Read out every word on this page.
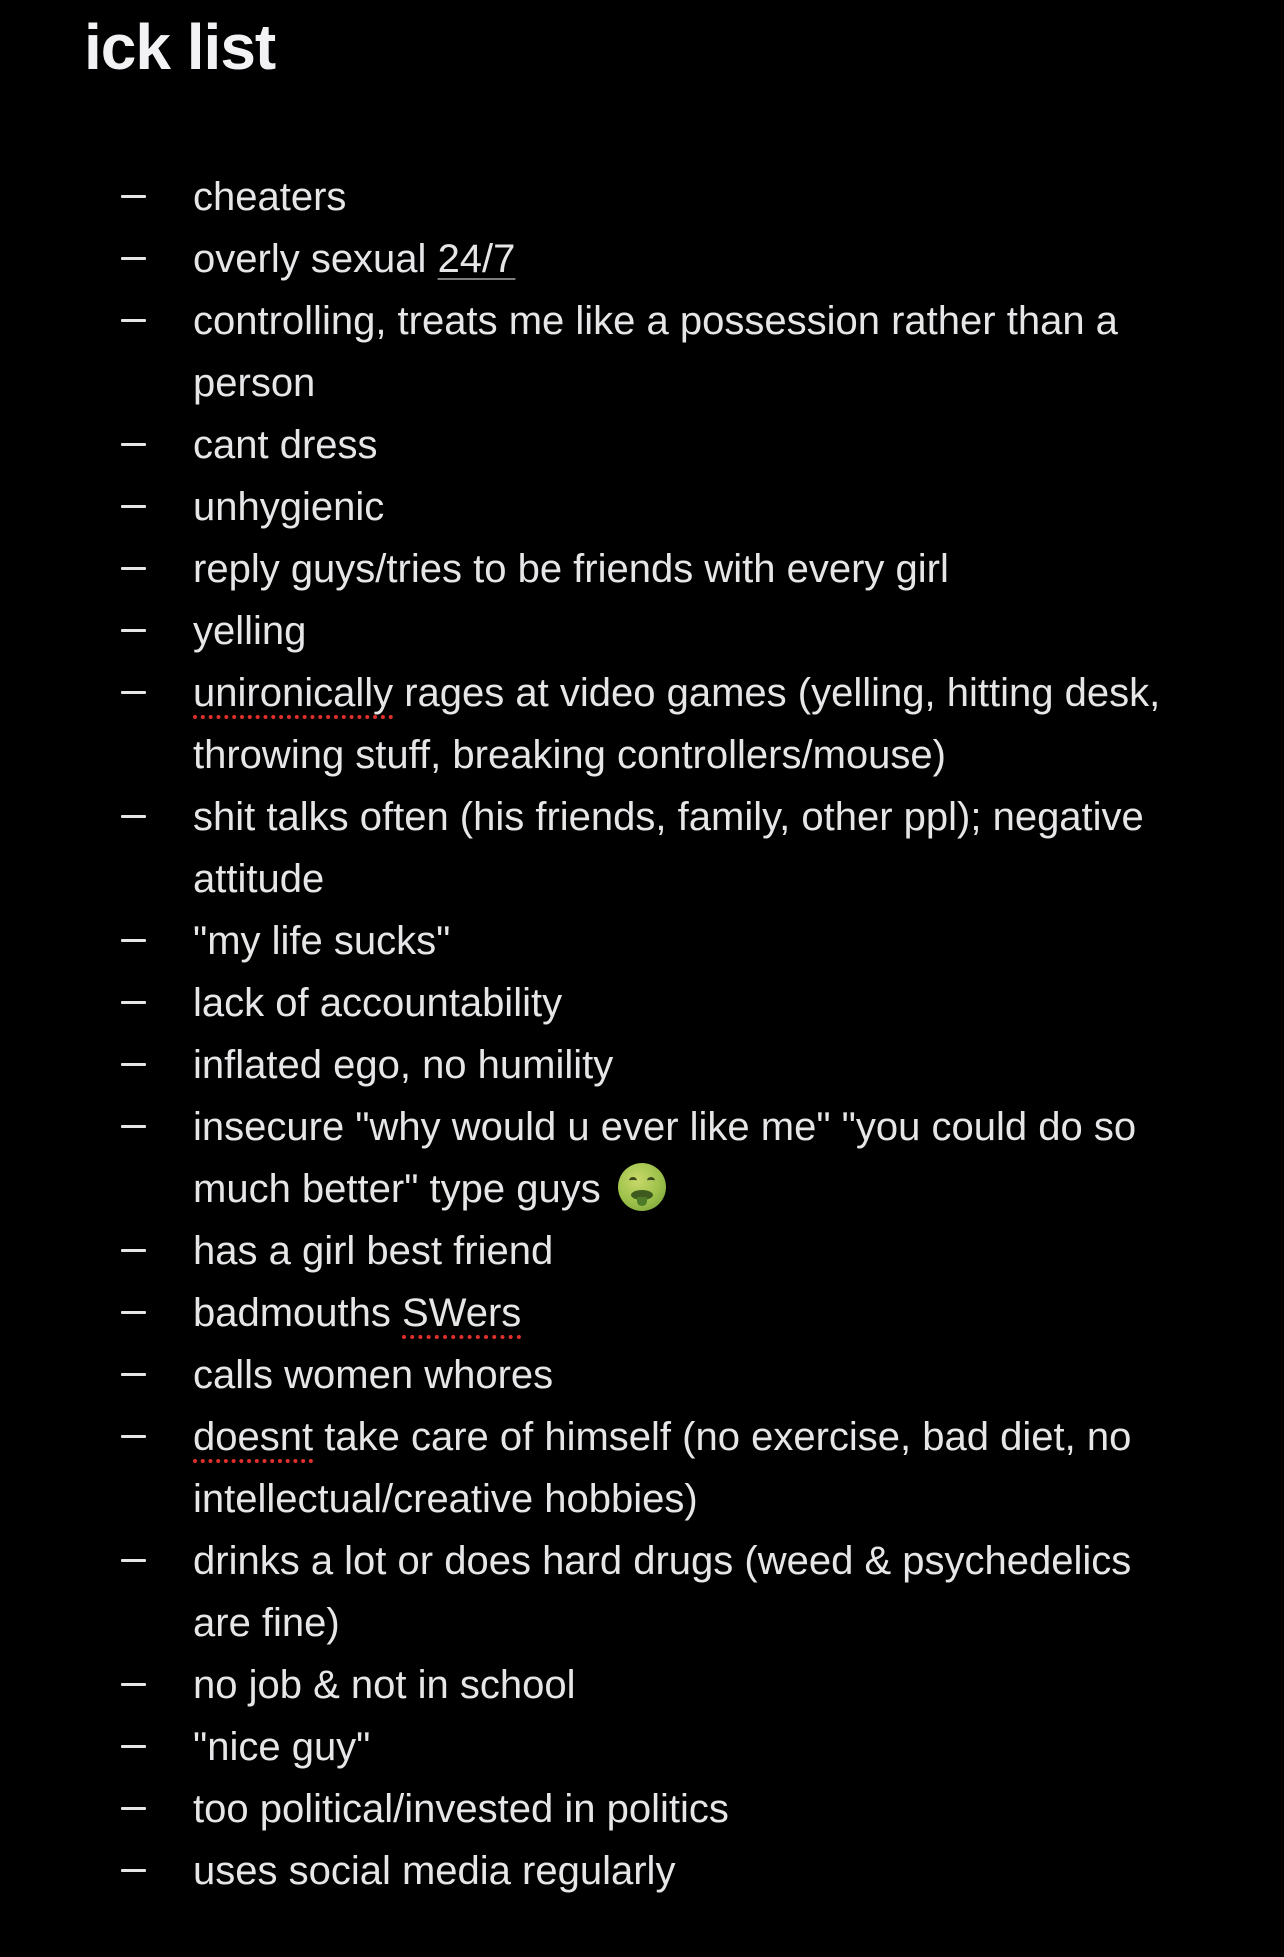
ick list
cheaters
overly sexual 24/7
controlling, treats me like a possession rather than a person
cant dress
unhygienic
reply guys/tries to be friends with every girl
yelling
unironically rages at video games (yelling, hitting desk, throwing stuff, breaking controllers/mouse)
shit talks often (his friends, family, other ppl); negative attitude
"my life sucks"
lack of accountability
inflated ego, no humility
insecure "why would u ever like me" "you could do so much better" type guys
has a girl best friend
badmouths SWers
calls women whores
doesnt take care of himself (no exercise, bad diet, no intellectual/creative hobbies)
drinks a lot or does hard drugs (weed & psychedelics are fine)
no job & not in school
"nice guy"
too political/invested in politics
uses social media regularly
